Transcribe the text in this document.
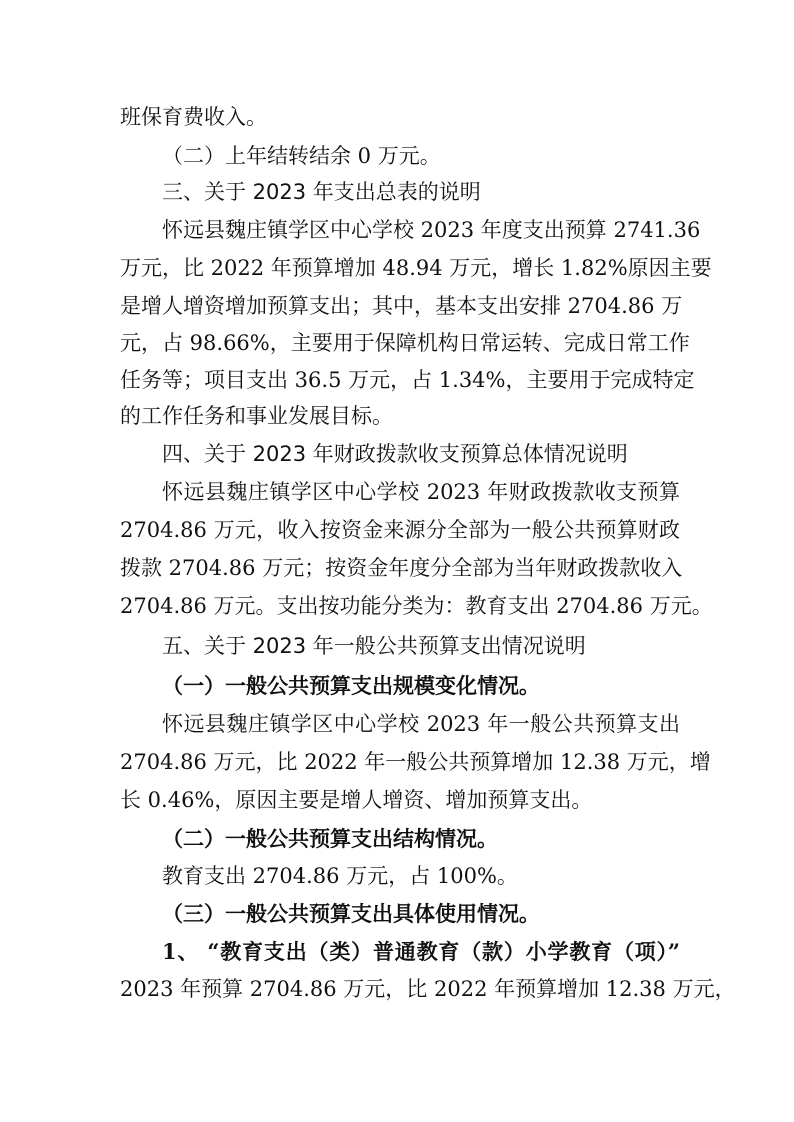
班保育费收入。
（二）上年结转结余 0 万元。
三、关于 2023 年支出总表的说明
怀远县魏庄镇学区中心学校 2023 年度支出预算 2741.36
万元，比 2022 年预算增加 48.94 万元，增长 1.82%原因主要
是增人增资增加预算支出；其中，基本支出安排 2704.86 万
元，占 98.66%，主要用于保障机构日常运转、完成日常工作
任务等；项目支出 36.5 万元，占 1.34%，主要用于完成特定
的工作任务和事业发展目标。
四、关于 2023 年财政拨款收支预算总体情况说明
怀远县魏庄镇学区中心学校 2023 年财政拨款收支预算
2704.86 万元，收入按资金来源分全部为一般公共预算财政
拨款 2704.86 万元；按资金年度分全部为当年财政拨款收入
2704.86 万元。支出按功能分类为：教育支出 2704.86 万元。
五、关于 2023 年一般公共预算支出情况说明
（一）一般公共预算支出规模变化情况。
怀远县魏庄镇学区中心学校 2023 年一般公共预算支出
2704.86 万元，比 2022 年一般公共预算增加 12.38 万元，增
长 0.46%，原因主要是增人增资、增加预算支出。
（二）一般公共预算支出结构情况。
教育支出 2704.86 万元，占 100%。
（三）一般公共预算支出具体使用情况。
1、 “教育支出（类）普通教育（款）小学教育（项）”
2023 年预算 2704.86 万元，比 2022 年预算增加 12.38 万元，
